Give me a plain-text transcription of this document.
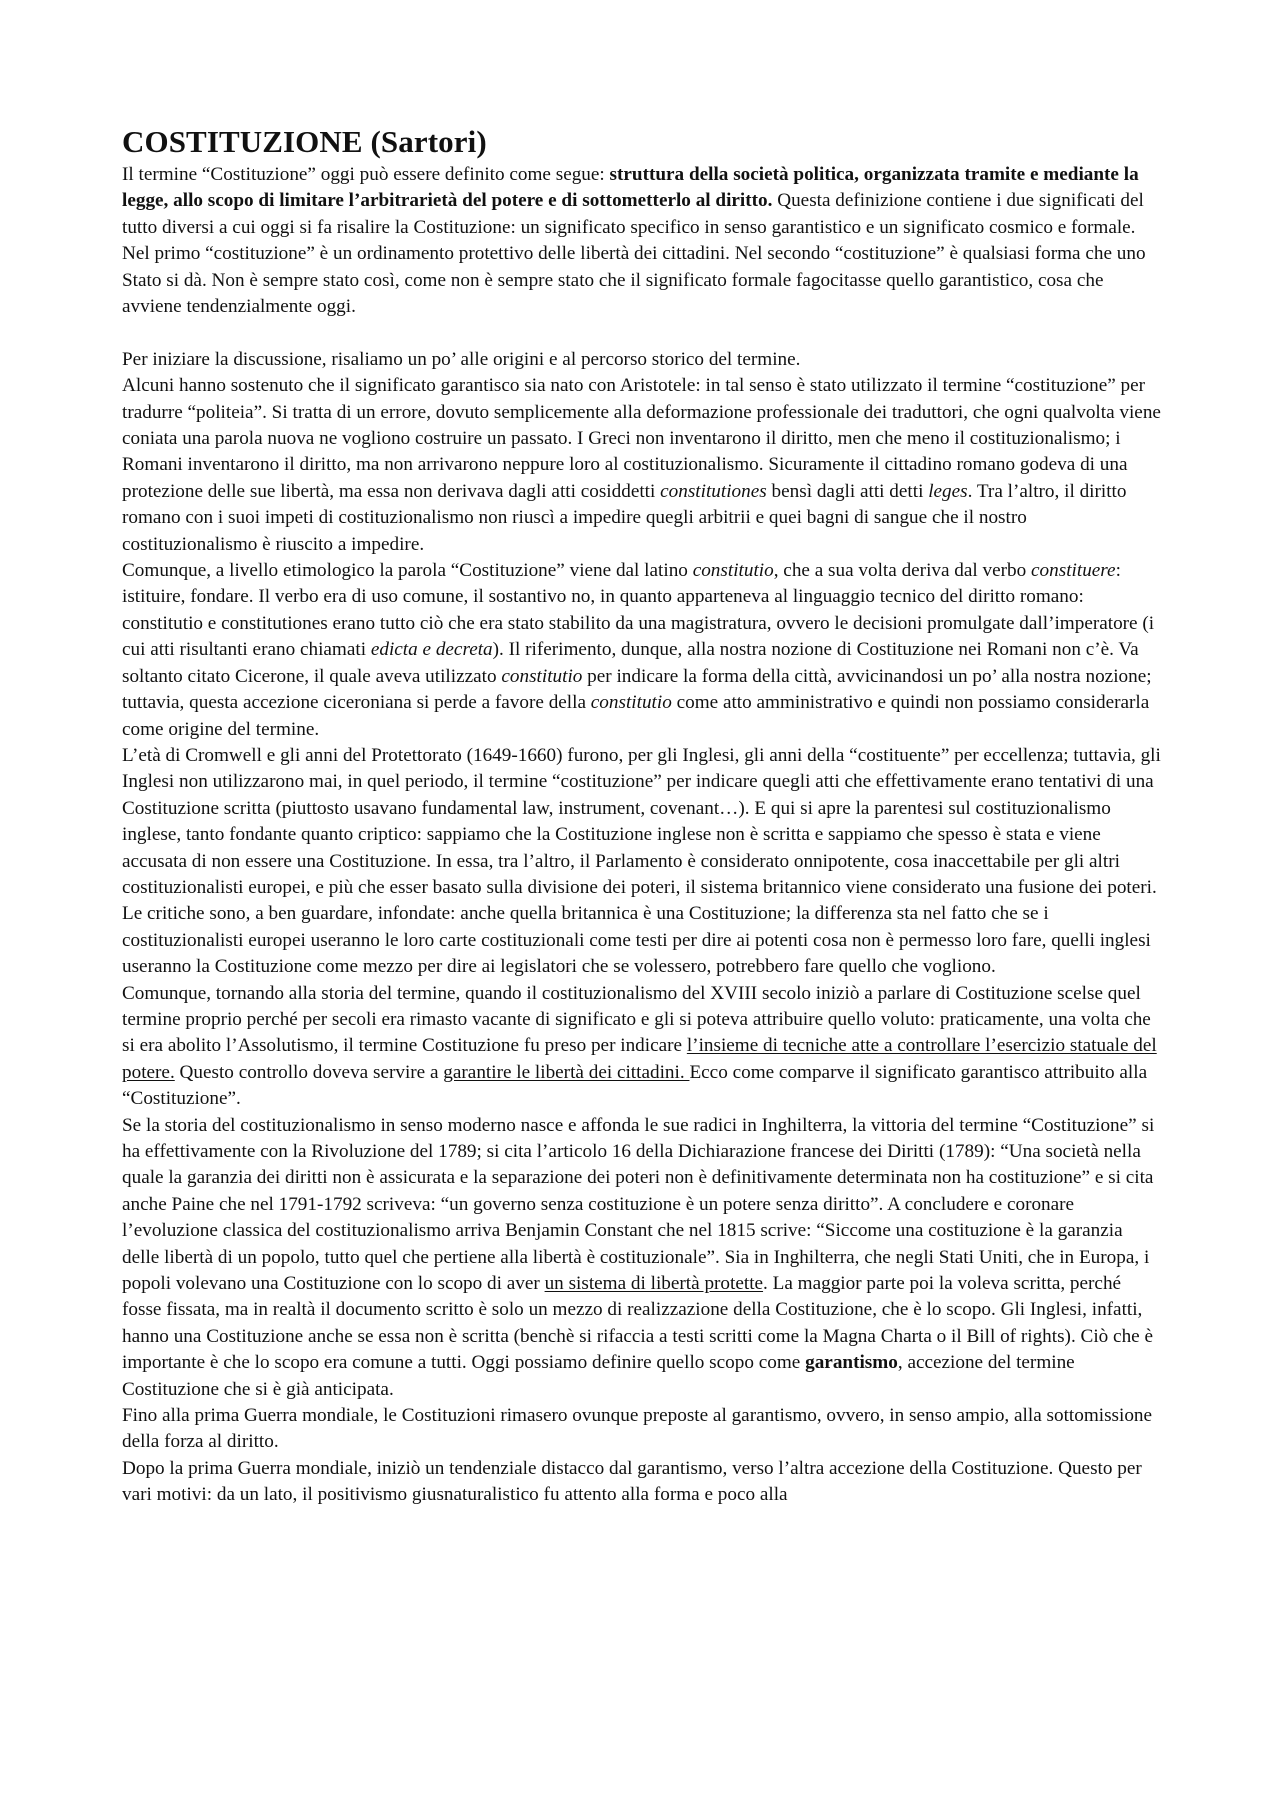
COSTITUZIONE (Sartori)

Il termine “Costituzione” oggi può essere definito come segue: struttura della società politica, organizzata tramite e mediante la legge, allo scopo di limitare l’arbitrarietà del potere e di sottometterlo al diritto. Questa definizione contiene i due significati del tutto diversi a cui oggi si fa risalire la Costituzione: un significato specifico in senso garantistico e un significato cosmico e formale. Nel primo “costituzione” è un ordinamento protettivo delle libertà dei cittadini. Nel secondo “costituzione” è qualsiasi forma che uno Stato si dà. Non è sempre stato così, come non è sempre stato che il significato formale fagocitasse quello garantistico, cosa che avviene tendenzialmente oggi.

Per iniziare la discussione, risaliamo un po’ alle origini e al percorso storico del termine.

Alcuni hanno sostenuto che il significato garantisco sia nato con Aristotele: in tal senso è stato utilizzato il termine “costituzione” per tradurre “politeia”. Si tratta di un errore, dovuto semplicemente alla deformazione professionale dei traduttori, che ogni qualvolta viene coniata una parola nuova ne vogliono costruire un passato. I Greci non inventarono il diritto, men che meno il costituzionalismo; i Romani inventarono il diritto, ma non arrivarono neppure loro al costituzionalismo. Sicuramente il cittadino romano godeva di una protezione delle sue libertà, ma essa non derivava dagli atti cosiddetti constitutiones bensì dagli atti detti leges. Tra l’altro, il diritto romano con i suoi impeti di costituzionalismo non riuscì a impedire quegli arbitrii e quei bagni di sangue che il nostro costituzionalismo è riuscito a impedire.

Comunque, a livello etimologico la parola “Costituzione” viene dal latino constitutio, che a sua volta deriva dal verbo constituere: istituire, fondare. Il verbo era di uso comune, il sostantivo no, in quanto apparteneva al linguaggio tecnico del diritto romano: constitutio e constitutiones erano tutto ciò che era stato stabilito da una magistratura, ovvero le decisioni promulgate dall’imperatore (i cui atti risultanti erano chiamati edicta e decreta). Il riferimento, dunque, alla nostra nozione di Costituzione nei Romani non c’è. Va soltanto citato Cicerone, il quale aveva utilizzato constitutio per indicare la forma della città, avvicinandosi un po’ alla nostra nozione; tuttavia, questa accezione ciceroniana si perde a favore della constitutio come atto amministrativo e quindi non possiamo considerarla come origine del termine.

L’età di Cromwell e gli anni del Protettorato (1649-1660) furono, per gli Inglesi, gli anni della “costituente” per eccellenza; tuttavia, gli Inglesi non utilizzarono mai, in quel periodo, il termine “costituzione” per indicare quegli atti che effettivamente erano tentativi di una Costituzione scritta (piuttosto usavano fundamental law, instrument, covenant…). E qui si apre la parentesi sul costituzionalismo inglese, tanto fondante quanto criptico: sappiamo che la Costituzione inglese non è scritta e sappiamo che spesso è stata e viene accusata di non essere una Costituzione. In essa, tra l’altro, il Parlamento è considerato onnipotente, cosa inaccettabile per gli altri costituzionalisti europei, e più che esser basato sulla divisione dei poteri, il sistema britannico viene considerato una fusione dei poteri. Le critiche sono, a ben guardare, infondate: anche quella britannica è una Costituzione; la differenza sta nel fatto che se i costituzionalisti europei useranno le loro carte costituzionali come testi per dire ai potenti cosa non è permesso loro fare, quelli inglesi useranno la Costituzione come mezzo per dire ai legislatori che se volessero, potrebbero fare quello che vogliono.

Comunque, tornando alla storia del termine, quando il costituzionalismo del XVIII secolo iniziò a parlare di Costituzione scelse quel termine proprio perché per secoli era rimasto vacante di significato e gli si poteva attribuire quello voluto: praticamente, una volta che si era abolito l’Assolutismo, il termine Costituzione fu preso per indicare l’insieme di tecniche atte a controllare l’esercizio statuale del potere. Questo controllo doveva servire a garantire le libertà dei cittadini. Ecco come comparve il significato garantisco attribuito alla “Costituzione”.

Se la storia del costituzionalismo in senso moderno nasce e affonda le sue radici in Inghilterra, la vittoria del termine “Costituzione” si ha effettivamente con la Rivoluzione del 1789; si cita l’articolo 16 della Dichiarazione francese dei Diritti (1789): “Una società nella quale la garanzia dei diritti non è assicurata e la separazione dei poteri non è definitivamente determinata non ha costituzione” e si cita anche Paine che nel 1791-1792 scriveva: “un governo senza costituzione è un potere senza diritto”. A concludere e coronare l’evoluzione classica del costituzionalismo arriva Benjamin Constant che nel 1815 scrive: “Siccome una costituzione è la garanzia delle libertà di un popolo, tutto quel che pertiene alla libertà è costituzionale”. Sia in Inghilterra, che negli Stati Uniti, che in Europa, i popoli volevano una Costituzione con lo scopo di aver un sistema di libertà protette. La maggior parte poi la voleva scritta, perché fosse fissata, ma in realtà il documento scritto è solo un mezzo di realizzazione della Costituzione, che è lo scopo. Gli Inglesi, infatti, hanno una Costituzione anche se essa non è scritta (benchè si rifaccia a testi scritti come la Magna Charta o il Bill of rights). Ciò che è importante è che lo scopo era comune a tutti. Oggi possiamo definire quello scopo come garantismo, accezione del termine Costituzione che si è già anticipata.

Fino alla prima Guerra mondiale, le Costituzioni rimasero ovunque preposte al garantismo, ovvero, in senso ampio, alla sottomissione della forza al diritto.

Dopo la prima Guerra mondiale, iniziò un tendenziale distacco dal garantismo, verso l’altra accezione della Costituzione. Questo per vari motivi: da un lato, il positivismo giusnaturalistico fu attento alla forma e poco alla
